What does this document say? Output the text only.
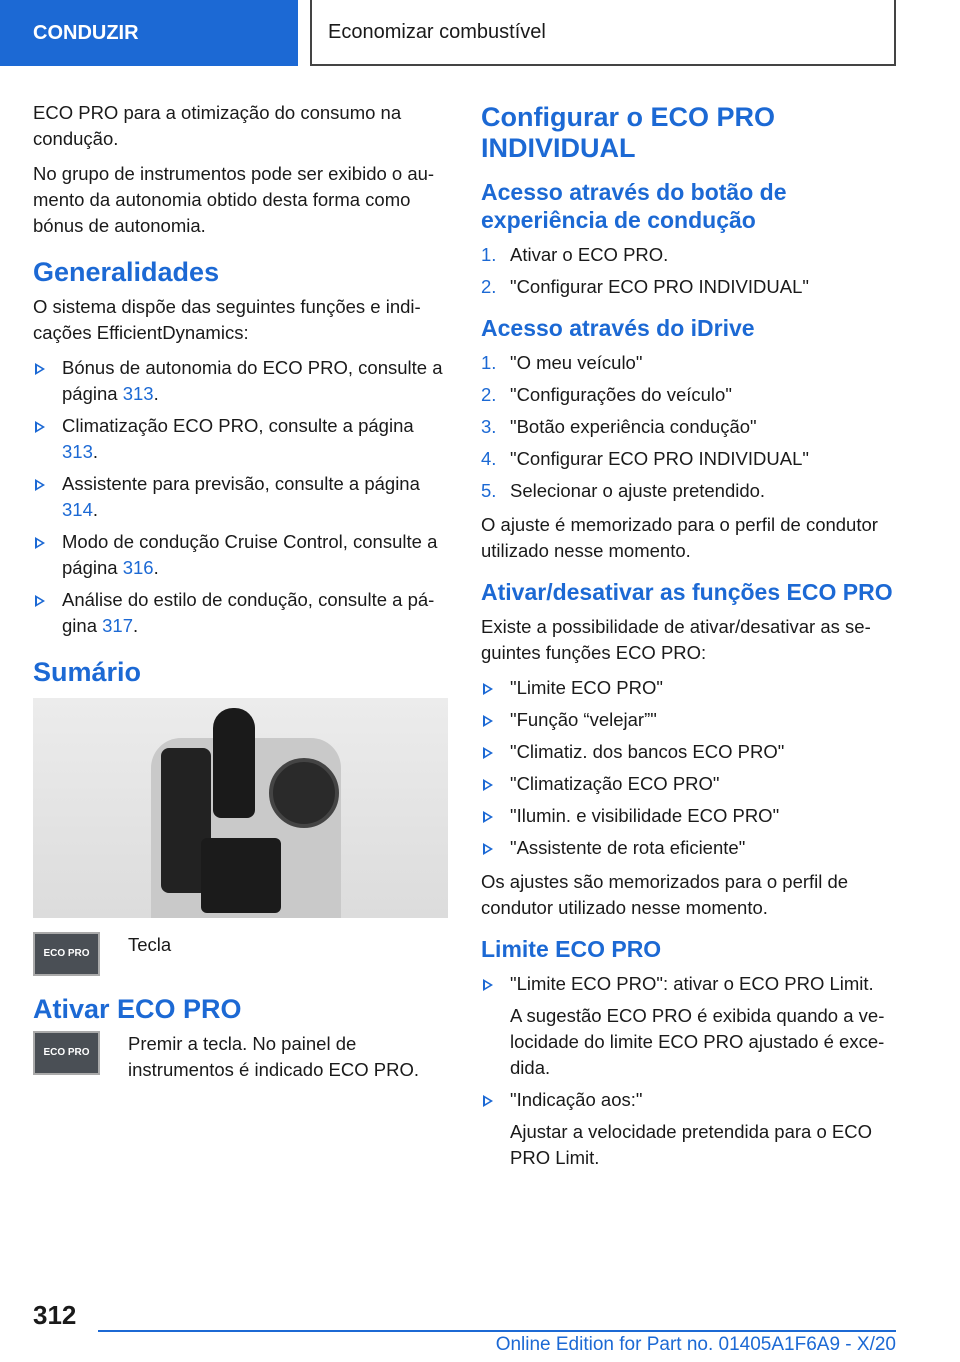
CONDUZIR	Economizar combustível

ECO PRO para a otimização do consumo na condução.

No grupo de instrumentos pode ser exibido o aumento da autonomia obtido desta forma como bónus de autonomia.

Generalidades

O sistema dispõe das seguintes funções e indicações EfficientDynamics:

Bónus de autonomia do ECO PRO, consulte a página 313.
Climatização ECO PRO, consulte a página 313.
Assistente para previsão, consulte a página 314.
Modo de condução Cruise Control, consulte a página 316.
Análise do estilo de condução, consulte a página 317.
Sumário
ECO PRO	Tecla
Ativar ECO PRO
ECO PRO	Premir a tecla. No painel de instrumentos é indicado ECO PRO.
Configurar o ECO PRO INDIVIDUAL
Acesso através do botão de experiência de condução
1. Ativar o ECO PRO.
2. "Configurar ECO PRO INDIVIDUAL"
Acesso através do iDrive
1. "O meu veículo"
2. "Configurações do veículo"
3. "Botão experiência condução"
4. "Configurar ECO PRO INDIVIDUAL"
5. Selecionar o ajuste pretendido.

O ajuste é memorizado para o perfil de condutor utilizado nesse momento.

Ativar/desativar as funções ECO PRO

Existe a possibilidade de ativar/desativar as seguintes funções ECO PRO:

"Limite ECO PRO"
"Função “velejar”"
"Climatiz. dos bancos ECO PRO"
"Climatização ECO PRO"
"Ilumin. e visibilidade ECO PRO"
"Assistente de rota eficiente"

Os ajustes são memorizados para o perfil de condutor utilizado nesse momento.

Limite ECO PRO
"Limite ECO PRO": ativar o ECO PRO Limit.

A sugestão ECO PRO é exibida quando a velocidade do limite ECO PRO ajustado é excedida.

"Indicação aos:"

Ajustar a velocidade pretendida para o ECO PRO Limit.

312
Online Edition for Part no. 01405A1F6A9 - X/20
